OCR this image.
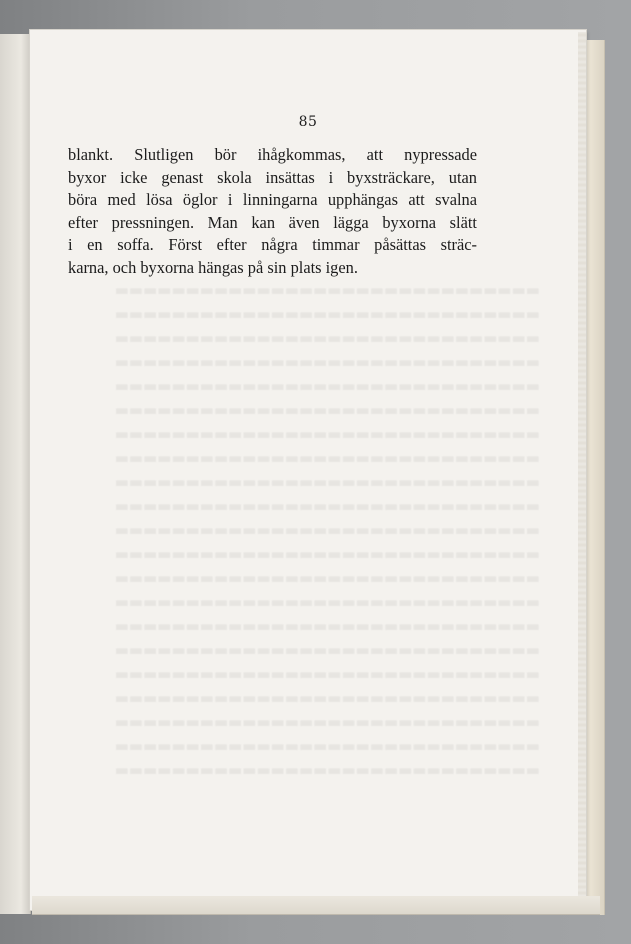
▬▬▬▬▬▬▬▬▬▬▬▬▬▬▬▬▬▬▬▬▬▬▬▬▬▬▬▬▬▬ ▬▬▬▬▬▬▬▬▬▬▬▬▬▬▬▬▬▬▬▬▬▬▬▬▬▬▬▬▬▬ ▬▬▬▬▬▬▬▬▬▬▬▬▬▬▬▬▬▬▬▬▬▬▬▬▬▬▬▬▬▬ ▬▬▬▬▬▬▬▬▬▬▬▬▬▬▬▬▬▬▬▬▬▬▬▬▬▬▬▬▬▬ ▬▬▬▬▬▬▬▬▬▬▬▬▬▬▬▬▬▬▬▬▬▬▬▬▬▬▬▬▬▬ ▬▬▬▬▬▬▬▬▬▬▬▬▬▬▬▬▬▬▬▬▬▬▬▬▬▬▬▬▬▬ ▬▬▬▬▬▬▬▬▬▬▬▬▬▬▬▬▬▬▬▬▬▬▬▬▬▬▬▬▬▬ ▬▬▬▬▬▬▬▬▬▬▬▬▬▬▬▬▬▬▬▬▬▬▬▬▬▬▬▬▬▬ ▬▬▬▬▬▬▬▬▬▬▬▬▬▬▬▬▬▬▬▬▬▬▬▬▬▬▬▬▬▬ ▬▬▬▬▬▬▬▬▬▬▬▬▬▬▬▬▬▬▬▬▬▬▬▬▬▬▬▬▬▬ ▬▬▬▬▬▬▬▬▬▬▬▬▬▬▬▬▬▬▬▬▬▬▬▬▬▬▬▬▬▬ ▬▬▬▬▬▬▬▬▬▬▬▬▬▬▬▬▬▬▬▬▬▬▬▬▬▬▬▬▬▬ ▬▬▬▬▬▬▬▬▬▬▬▬▬▬▬▬▬▬▬▬▬▬▬▬▬▬▬▬▬▬ ▬▬▬▬▬▬▬▬▬▬▬▬▬▬▬▬▬▬▬▬▬▬▬▬▬▬▬▬▬▬ ▬▬▬▬▬▬▬▬▬▬▬▬▬▬▬▬▬▬▬▬▬▬▬▬▬▬▬▬▬▬ ▬▬▬▬▬▬▬▬▬▬▬▬▬▬▬▬▬▬▬▬▬▬▬▬▬▬▬▬▬▬ ▬▬▬▬▬▬▬▬▬▬▬▬▬▬▬▬▬▬▬▬▬▬▬▬▬▬▬▬▬▬ ▬▬▬▬▬▬▬▬▬▬▬▬▬▬▬▬▬▬▬▬▬▬▬▬▬▬▬▬▬▬ ▬▬▬▬▬▬▬▬▬▬▬▬▬▬▬▬▬▬▬▬▬▬▬▬▬▬▬▬▬▬ ▬▬▬▬▬▬▬▬▬▬▬▬▬▬▬▬▬▬▬▬▬▬▬▬▬▬▬▬▬▬ ▬▬▬▬▬▬▬▬▬▬▬▬▬▬▬▬▬▬▬▬▬▬▬▬▬▬▬▬▬▬
85
blankt. Slutligen bör ihågkommas, att nypressade
byxor icke genast skola insättas i byxsträckare, utan
böra med lösa öglor i linningarna upphängas att svalna
efter pressningen. Man kan även lägga byxorna slätt
i en soffa. Först efter några timmar påsättas sträc-
karna, och byxorna hängas på sin plats igen.
